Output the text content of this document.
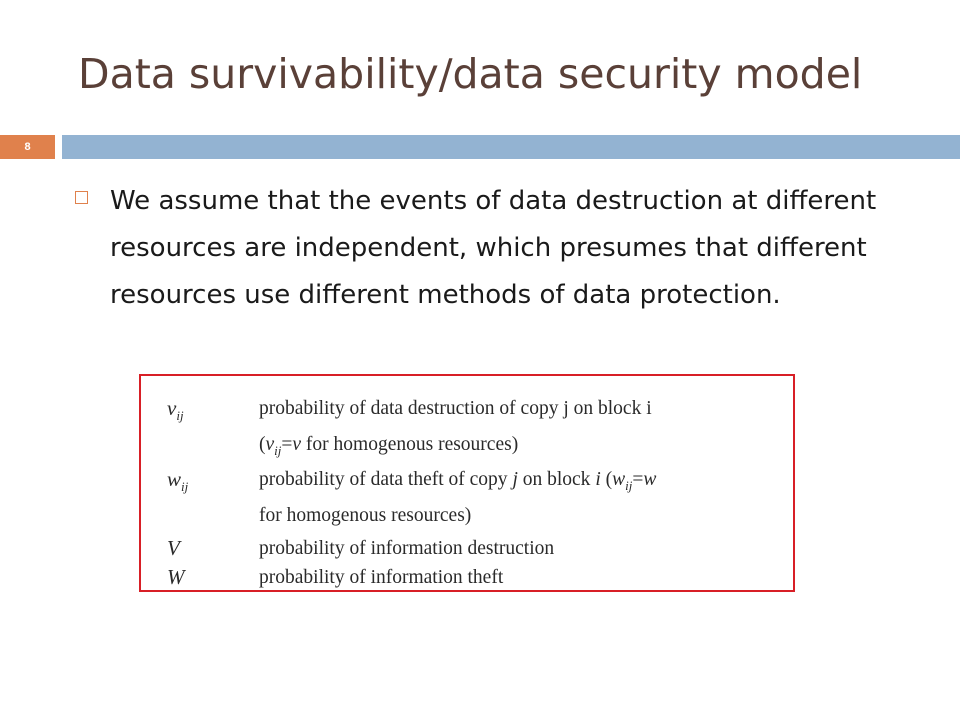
Data survivability/data security model
8

We assume that the events of data destruction at different resources are independent, which presumes that different resources use different methods of data protection.

$v_{ij}$	probability of data destruction of copy j on block i
	($v_{ij}=v$ for homogenous resources)
$w_{ij}$	probability of data theft of copy j on block i ($w_{ij}=w$
	for homogenous resources)
V	probability of information destruction
W	probability of information theft
